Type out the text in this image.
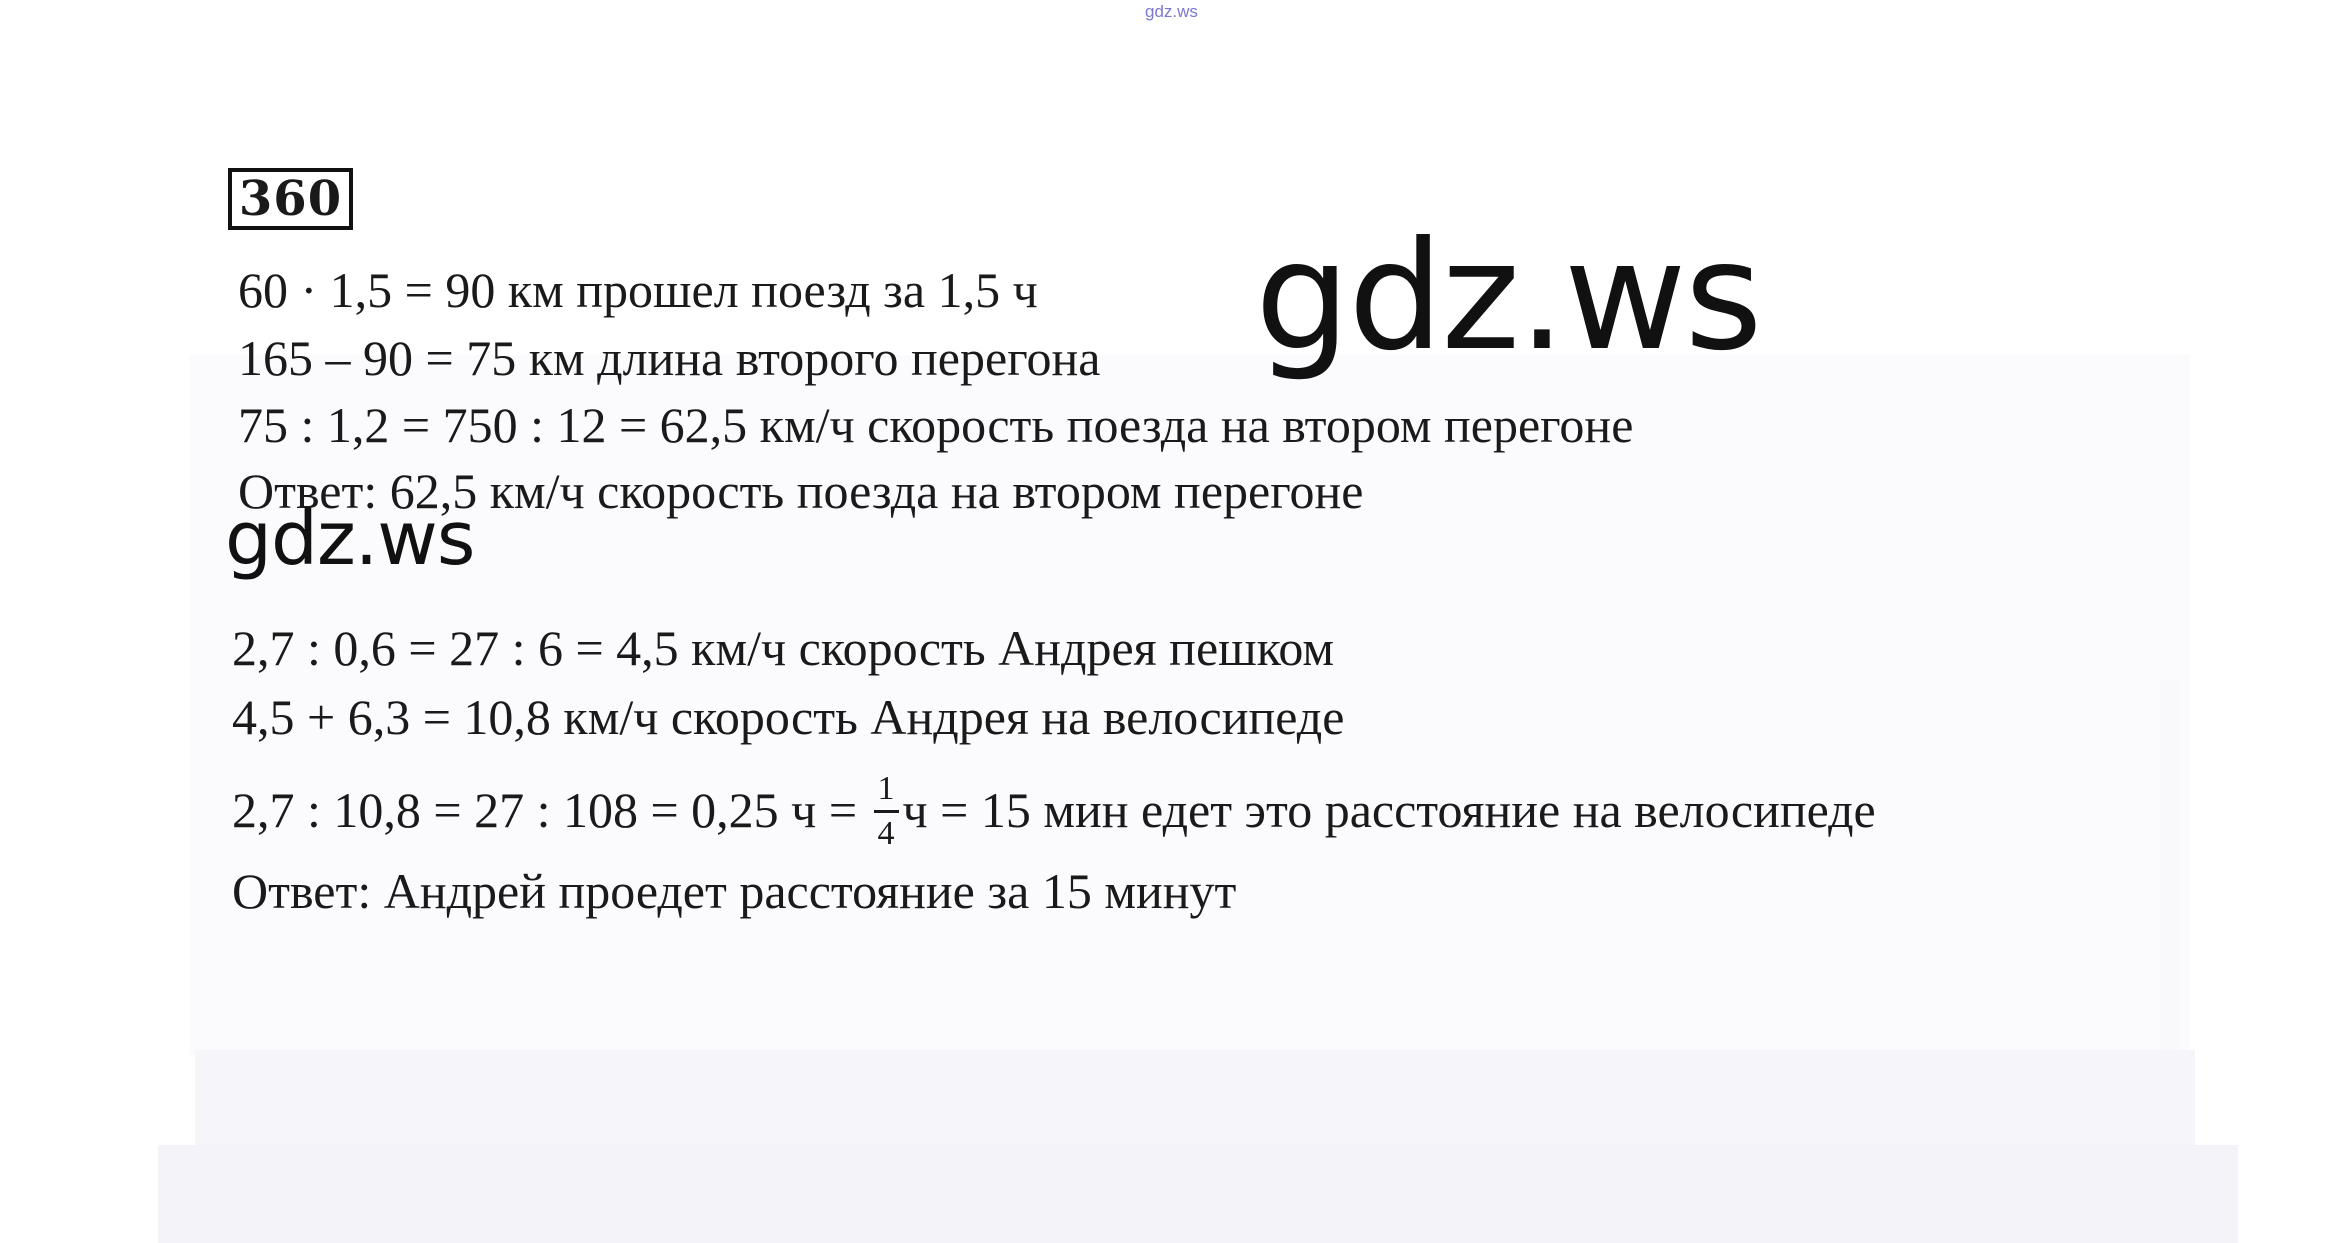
gdz.ws
360
60 · 1,5 = 90 км прошел поезд за 1,5 ч
165 – 90 = 75 км длина второго перегона
75 : 1,2 = 750 : 12 = 62,5 км/ч скорость поезда на втором перегоне
Ответ: 62,5 км/ч скорость поезда на втором перегоне
2,7 : 0,6 = 27 : 6 = 4,5 км/ч скорость Андрея пешком
4,5 + 6,3 = 10,8 км/ч скорость Андрея на велосипеде
2,7 : 10,8 = 27 : 108 = 0,25 $ч = \frac{1}{4}$ ч = 15 мин едет это расстояние на велосипеде
Ответ: Андрей проедет расстояние за 15 минут
gdz.ws
gdz.ws
